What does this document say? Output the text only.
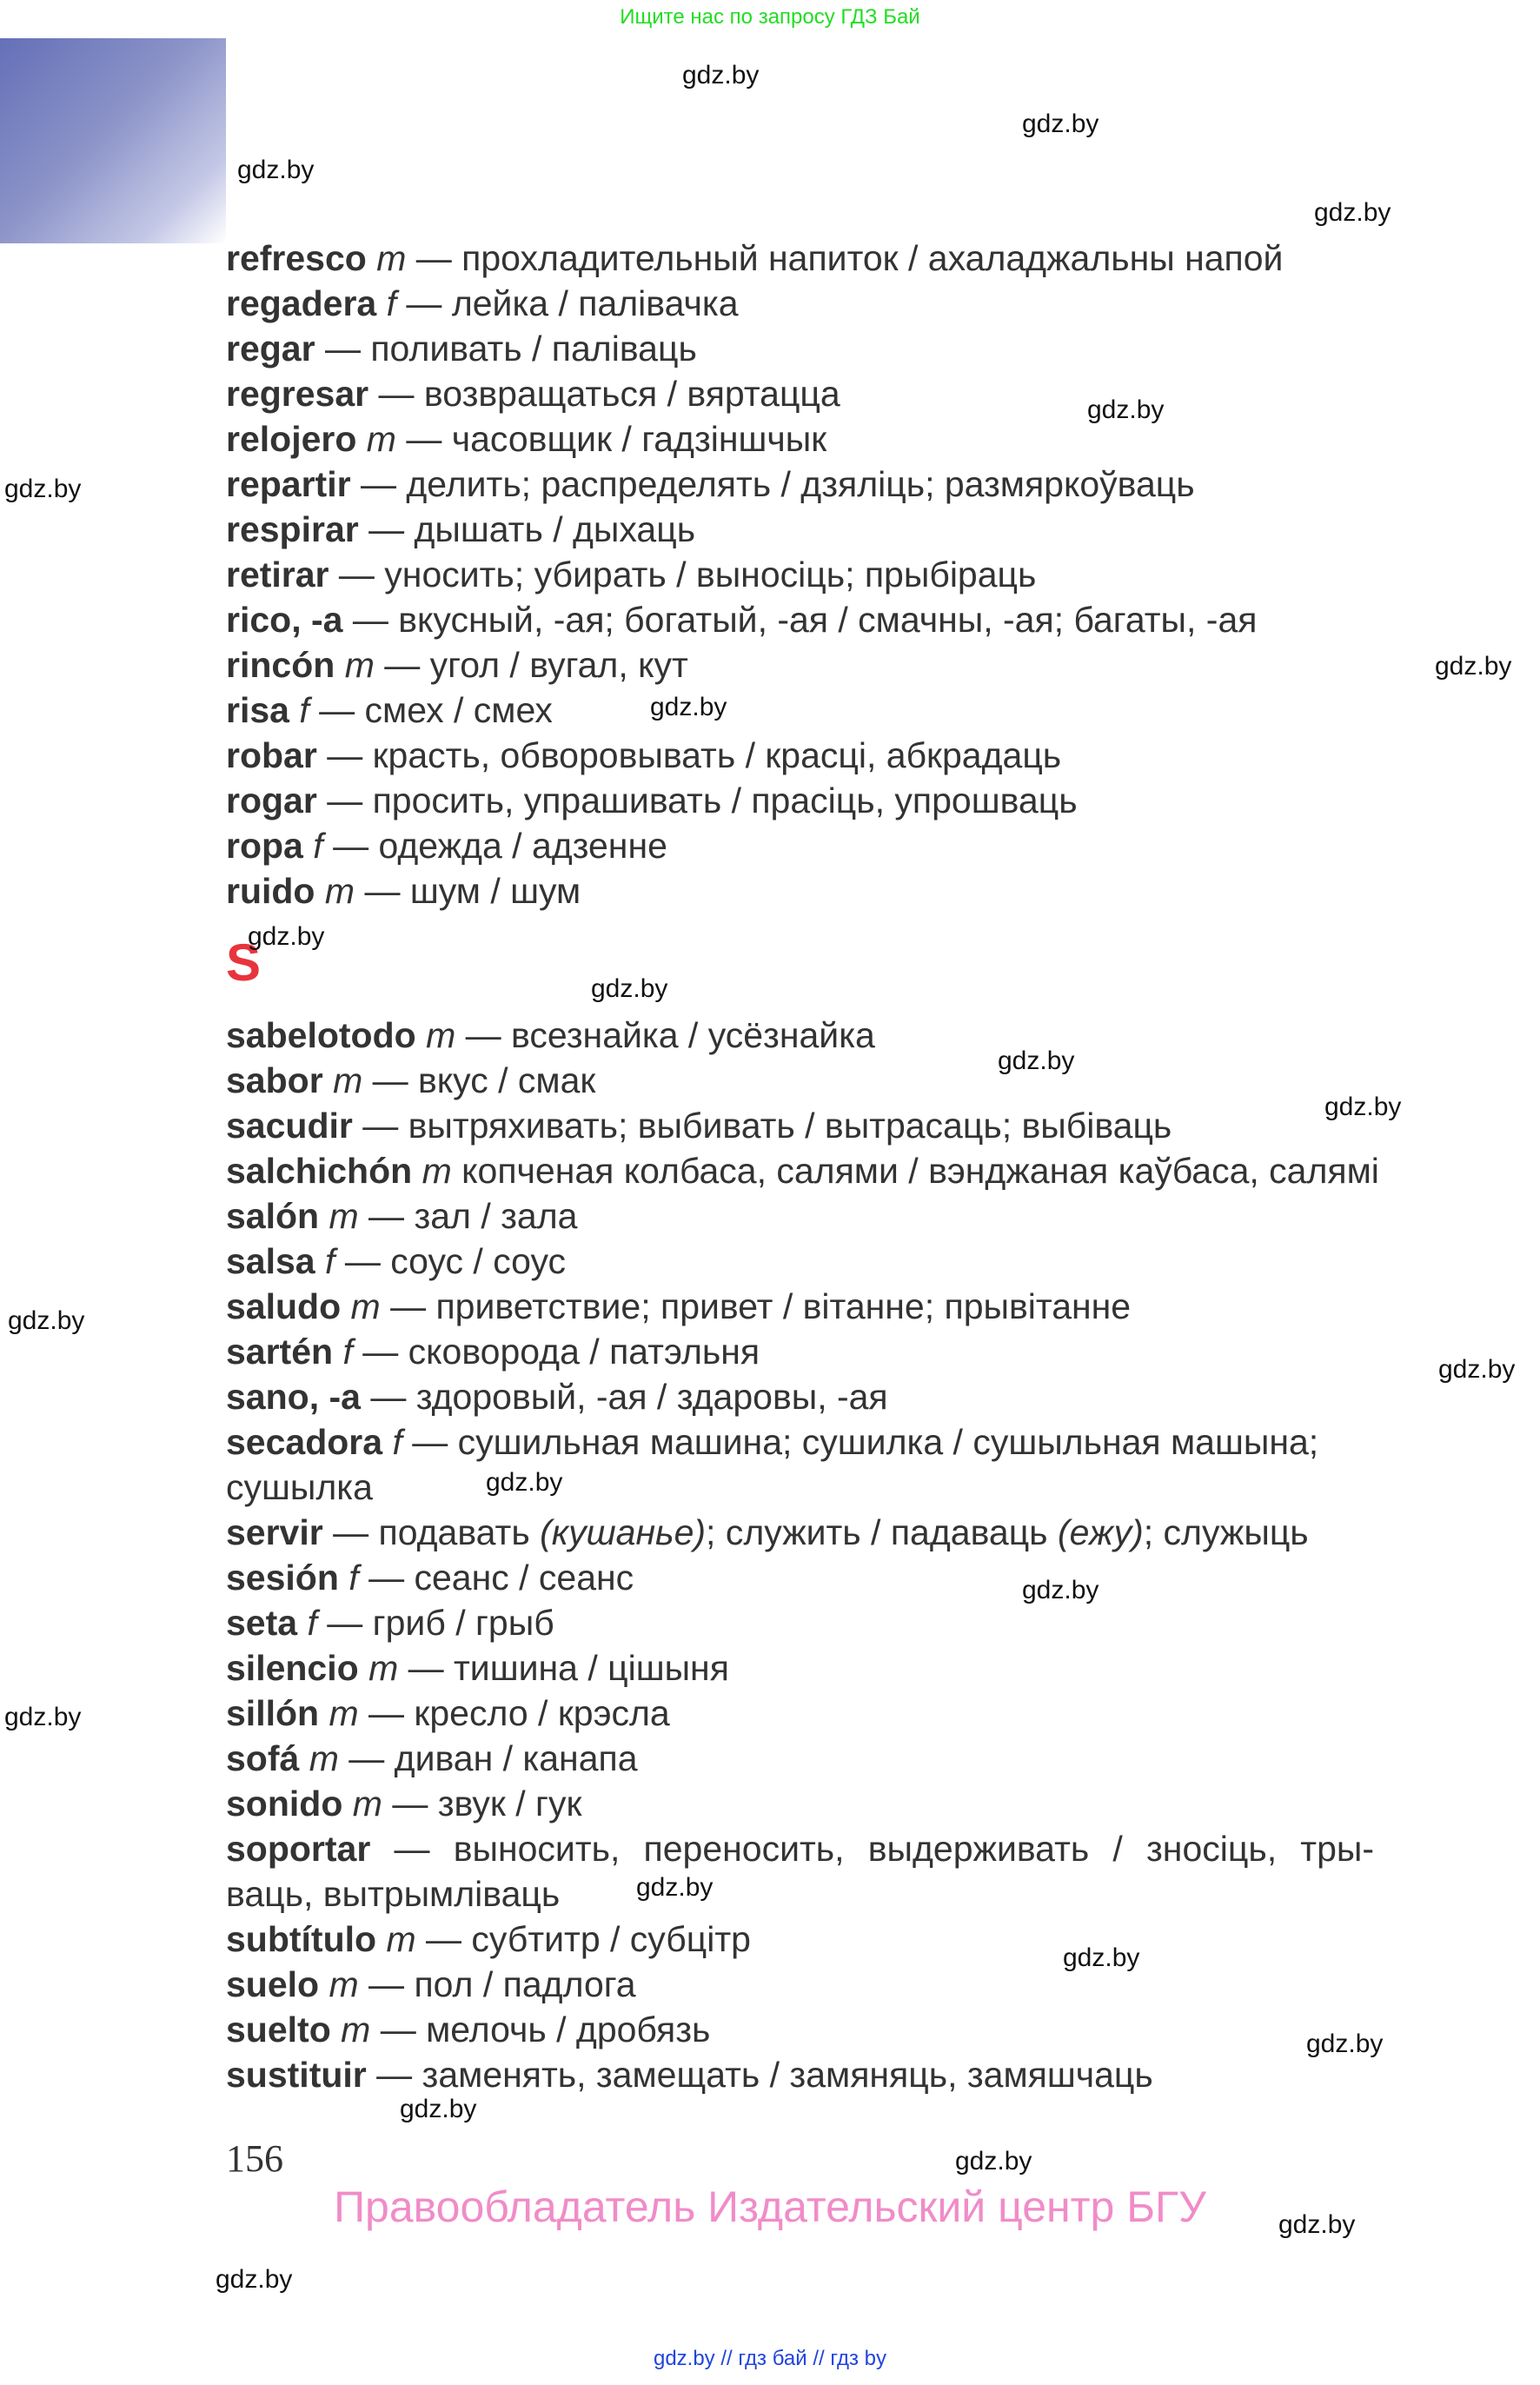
Ищите нас по запросу ГДЗ Бай
refresco m — прохладительный напиток / ахаладжальны напой
regadera f — лейка / палівачка
regar — поливать / паліваць
regresar — возвращаться / вяртацца
relojero m — часовщик / гадзіншчык
repartir — делить; распределять / дзяліць; размяркоўваць
respirar — дышать / дыхаць
retirar — уносить; убирать / выносіць; прыбіраць
rico, -a — вкусный, -ая; богатый, -ая / смачны, -ая; багаты, -ая
rincón m — угол / вугал, кут
risa f — смех / смех
robar — красть, обворовывать / красці, абкрадаць
rogar — просить, упрашивать / прасіць, упрошваць
ropa f — одежда / адзенне
ruido m — шум / шум
S
sabelotodo m — всезнайка / усёзнайка
sabor m — вкус / смак
sacudir — вытряхивать; выбивать / вытрасаць; выбіваць
salchichón m копченая колбаса, салями / вэнджаная каўбаса, салямі
salón m — зал / зала
salsa f — соус / соус
saludo m — приветствие; привет / вітанне; прывітанне
sartén f — сковорода / патэльня
sano, -a — здоровый, -ая / здаровы, -ая
secadora f — сушильная машина; сушилка / сушыльная машына;
сушылка
servir — подавать (кушанье); служить / падаваць (ежу); служыць
sesión f — сеанс / сеанс
seta f — гриб / грыб
silencio m — тишина / цішыня
sillón m — кресло / крэсла
sofá m — диван / канапа
sonido m — звук / гук
soportar — выносить, переносить, выдерживать / зносіць, тры-
ваць, вытрымліваць
subtítulo m — субтитр / субцітр
suelo m — пол / падлога
suelto m — мелочь / дробязь
sustituir — заменять, замещать / замяняць, замяшчаць
gdz.by
gdz.by
gdz.by
gdz.by
gdz.by
gdz.by
gdz.by
gdz.by
gdz.by
gdz.by
gdz.by
gdz.by
gdz.by
gdz.by
gdz.by
gdz.by
gdz.by
gdz.by
gdz.by
gdz.by
gdz.by
gdz.by
gdz.by
gdz.by
156
Правообладатель Издательский центр БГУ
gdz.by // гдз бай // гдз by
